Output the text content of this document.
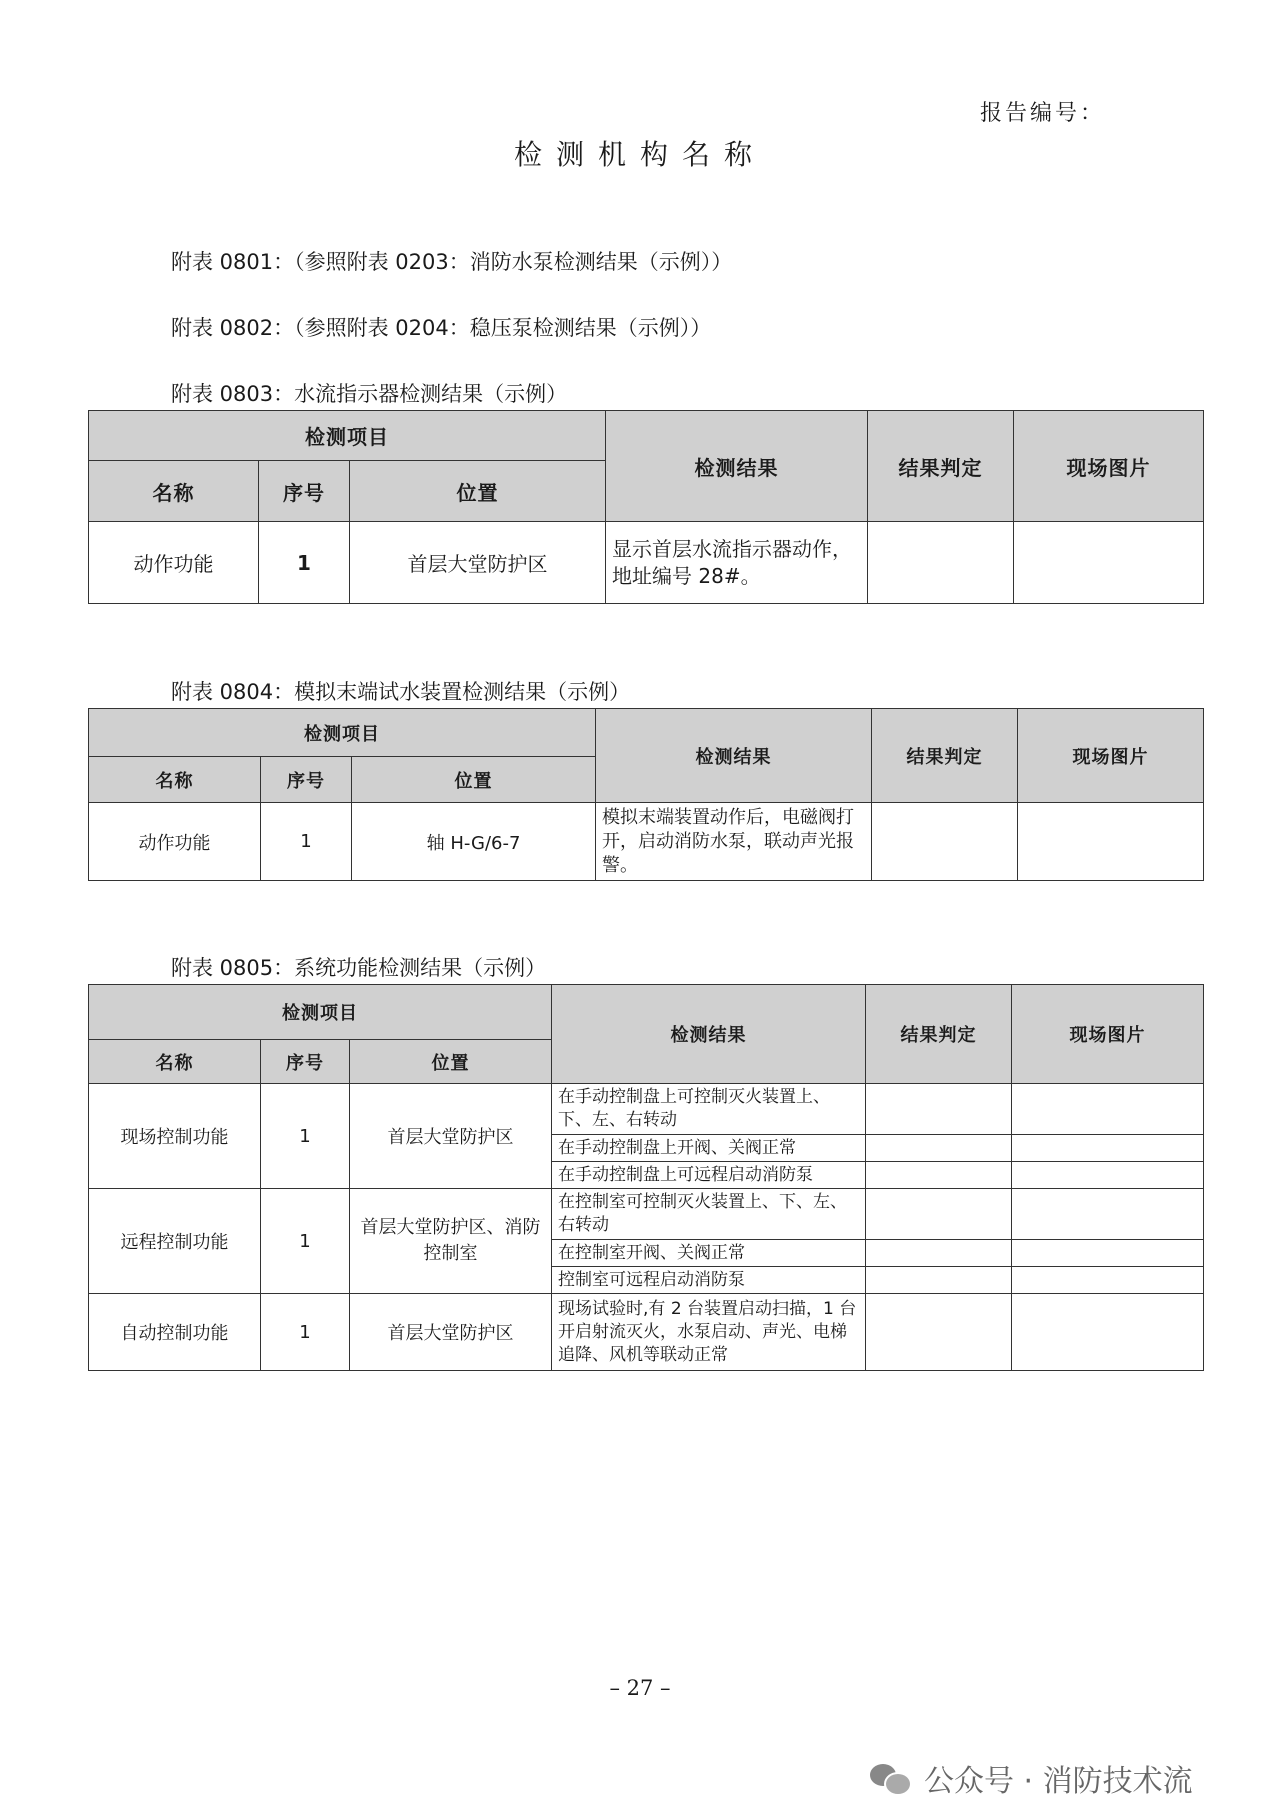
报告编号：
检测机构名称
附表 0801：（参照附表 0203：消防水泵检测结果（示例））
附表 0802：（参照附表 0204：稳压泵检测结果（示例））
附表 0803：水流指示器检测结果（示例）
检测项目			检测结果	结果判定	现场图片
名称	序号	位置			
动作功能	1	首层大堂防护区	显示首层水流指示器动作，地址编号 28#。		
附表 0804：模拟末端试水装置检测结果（示例）
检测项目			检测结果	结果判定	现场图片
名称	序号	位置			
动作功能	1	轴 H-G/6-7	模拟末端装置动作后，电磁阀打开，启动消防水泵，联动声光报警。		
附表 0805：系统功能检测结果（示例）
检测项目			检测结果	结果判定	现场图片
名称	序号	位置			
现场控制功能	1	首层大堂防护区	在手动控制盘上可控制灭火装置上、下、左、右转动		
			在手动控制盘上开阀、关阀正常		
			在手动控制盘上可远程启动消防泵		
远程控制功能	1	首层大堂防护区、消防控制室	在控制室可控制灭火装置上、下、左、右转动		
			在控制室开阀、关阀正常		
			控制室可远程启动消防泵		
自动控制功能	1	首层大堂防护区	现场试验时,有 2 台装置启动扫描，1 台开启射流灭火，水泵启动、声光、电梯追降、风机等联动正常		
– 27 –
公众号 · 消防技术流
